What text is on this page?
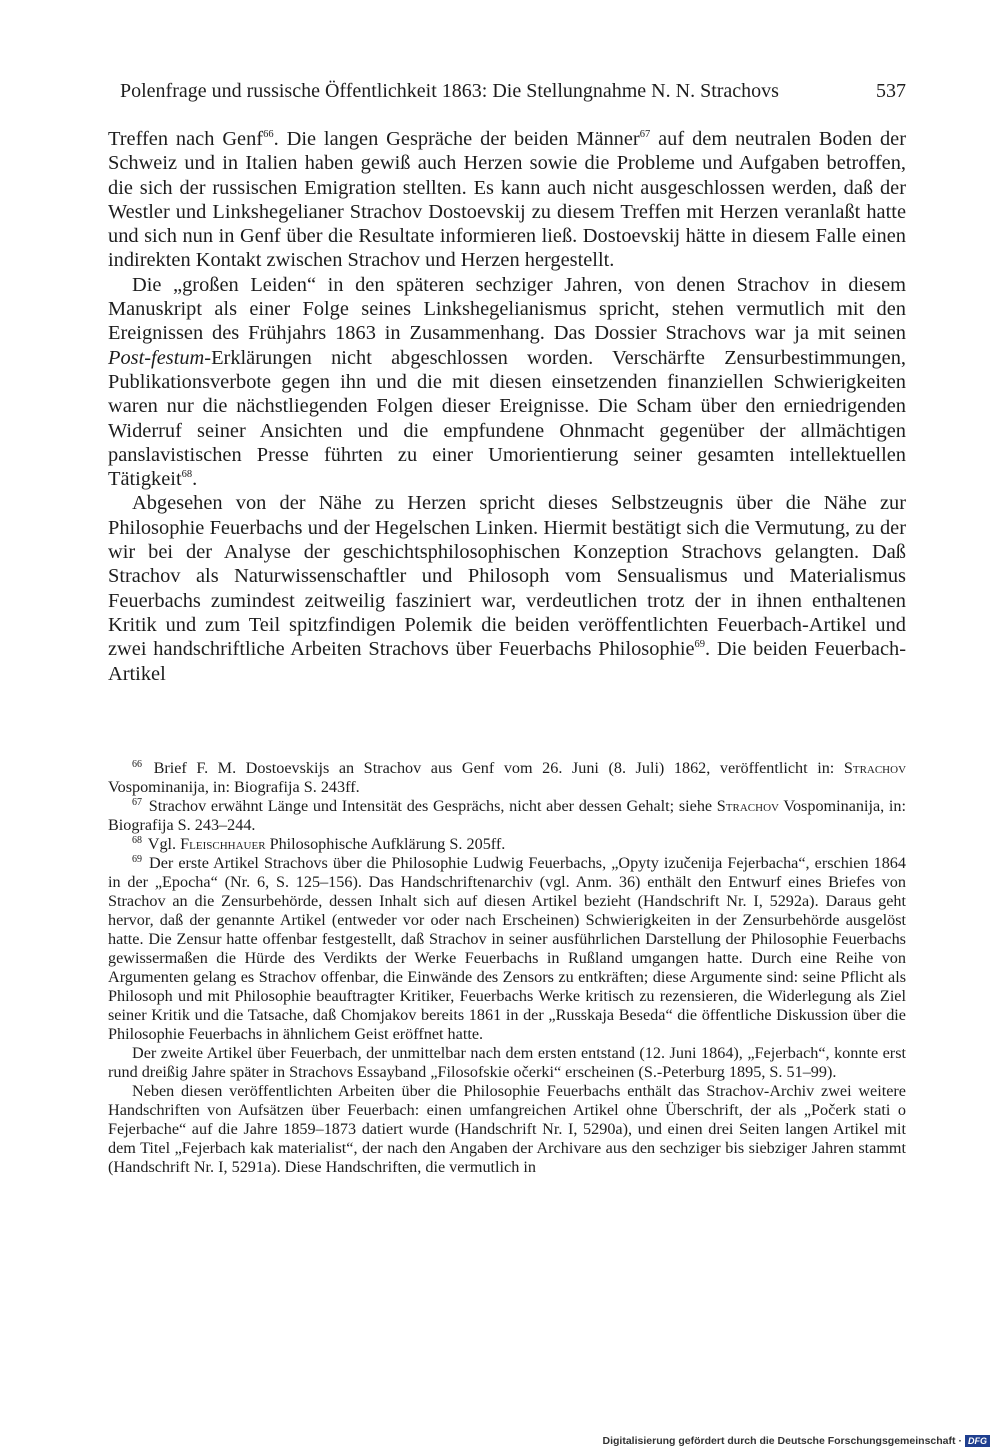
Polenfrage und russische Öffentlichkeit 1863: Die Stellungnahme N. N. Strachovs	537

Treffen nach Genf$^{66}$. Die langen Gespräche der beiden Männer$^{67}$ auf dem neutralen Boden der Schweiz und in Italien haben gewiß auch Herzen sowie die Probleme und Aufgaben betroffen, die sich der russischen Emigration stellten. Es kann auch nicht ausgeschlossen werden, daß der Westler und Linkshegelianer Strachov Dostoevskij zu diesem Treffen mit Herzen veranlaßt hatte und sich nun in Genf über die Resultate informieren ließ. Dostoevskij hätte in diesem Falle einen indirekten Kontakt zwischen Strachov und Herzen hergestellt.

Die „großen Leiden“ in den späteren sechziger Jahren, von denen Strachov in diesem Manuskript als einer Folge seines Linkshegelianismus spricht, stehen vermutlich mit den Ereignissen des Frühjahrs 1863 in Zusammenhang. Das Dossier Strachovs war ja mit seinen Post-festum-Erklärungen nicht abgeschlossen worden. Verschärfte Zensurbestimmungen, Publikationsverbote gegen ihn und die mit diesen einsetzenden finanziellen Schwierigkeiten waren nur die nächstliegenden Folgen dieser Ereignisse. Die Scham über den erniedrigenden Widerruf seiner Ansichten und die empfundene Ohnmacht gegenüber der allmächtigen panslavistischen Presse führten zu einer Umorientierung seiner gesamten intellektuellen Tätigkeit$^{68}$.

Abgesehen von der Nähe zu Herzen spricht dieses Selbstzeugnis über die Nähe zur Philosophie Feuerbachs und der Hegelschen Linken. Hiermit bestätigt sich die Vermutung, zu der wir bei der Analyse der geschichtsphilosophischen Konzeption Strachovs gelangten. Daß Strachov als Naturwissenschaftler und Philosoph vom Sensualismus und Materialismus Feuerbachs zumindest zeitweilig fasziniert war, verdeutlichen trotz der in ihnen enthaltenen Kritik und zum Teil spitzfindigen Polemik die beiden veröffentlichten Feuerbach-Artikel und zwei handschriftliche Arbeiten Strachovs über Feuerbachs Philosophie$^{69}$. Die beiden Feuerbach-Artikel

$^{66}$ Brief F. M. Dostoevskijs an Strachov aus Genf vom 26. Juni (8. Juli) 1862, veröffentlicht in: Strachov Vospominanija, in: Biografija S. 243ff.

$^{67}$ Strachov erwähnt Länge und Intensität des Gesprächs, nicht aber dessen Gehalt; siehe Strachov Vospominanija, in: Biografija S. 243–244.

$^{68}$ Vgl. Fleischhauer Philosophische Aufklärung S. 205ff.

$^{69}$ Der erste Artikel Strachovs über die Philosophie Ludwig Feuerbachs, „Opyty izučenija Fejerbacha“, erschien 1864 in der „Epocha“ (Nr. 6, S. 125–156). Das Handschriftenarchiv (vgl. Anm. 36) enthält den Entwurf eines Briefes von Strachov an die Zensurbehörde, dessen Inhalt sich auf diesen Artikel bezieht (Handschrift Nr. I, 5292a). Daraus geht hervor, daß der genannte Artikel (entweder vor oder nach Erscheinen) Schwierigkeiten in der Zensurbehörde ausgelöst hatte. Die Zensur hatte offenbar festgestellt, daß Strachov in seiner ausführlichen Darstellung der Philosophie Feuerbachs gewissermaßen die Hürde des Verdikts der Werke Feuerbachs in Rußland umgangen hatte. Durch eine Reihe von Argumenten gelang es Strachov offenbar, die Einwände des Zensors zu entkräften; diese Argumente sind: seine Pflicht als Philosoph und mit Philosophie beauftragter Kritiker, Feuerbachs Werke kritisch zu rezensieren, die Widerlegung als Ziel seiner Kritik und die Tatsache, daß Chomjakov bereits 1861 in der „Russkaja Beseda“ die öffentliche Diskussion über die Philosophie Feuerbachs in ähnlichem Geist eröffnet hatte.

Der zweite Artikel über Feuerbach, der unmittelbar nach dem ersten entstand (12. Juni 1864), „Fejerbach“, konnte erst rund dreißig Jahre später in Strachovs Essayband „Filosofskie očerki“ erscheinen (S.-Peterburg 1895, S. 51–99).

Neben diesen veröffentlichten Arbeiten über die Philosophie Feuerbachs enthält das Strachov-Archiv zwei weitere Handschriften von Aufsätzen über Feuerbach: einen umfangreichen Artikel ohne Überschrift, der als „Počerk stati o Fejerbache“ auf die Jahre 1859–1873 datiert wurde (Handschrift Nr. I, 5290a), und einen drei Seiten langen Artikel mit dem Titel „Fejerbach kak materialist“, der nach den Angaben der Archivare aus den sechziger bis siebziger Jahren stammt (Handschrift Nr. I, 5291a). Diese Handschriften, die vermutlich in

Digitalisierung gefördert durch die Deutsche Forschungsgemeinschaft · DFG
